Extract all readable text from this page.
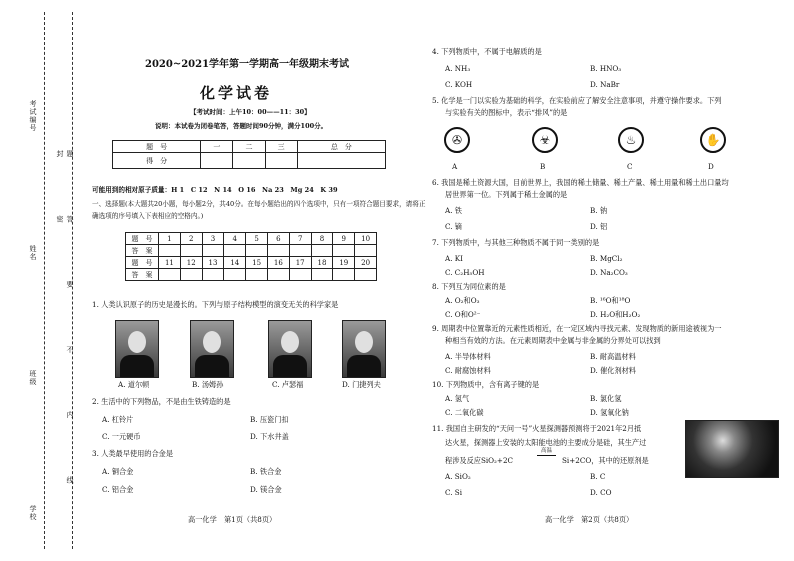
考试编号
姓名
班级
学校
题 答 要 不 内 线 封 密
2020~2021学年第一学期高一年级期末考试
化学试卷
【考试时间：上午10：00——11：30】
说明：本试卷为闭卷笔答，答题时间90分钟，满分100分。
题　号	一	二	三	总　分
得　分				
可能用到的相对原子质量：H 1　C 12　N 14　O 16　Na 23　Mg 24　K 39
一、选择题(本大题共20小题，每小题2分，共40分。在每小题给出的四个选项中，只有一项符合题目要求，请将正
确选项的序号填入下表相应的空格内。)
题　号	1	2	3	4	5	6	7	8	9	10
答　案										
题　号	11	12	13	14	15	16	17	18	19	20
答　案										
1. 人类认识原子的历史是漫长的。下列与原子结构模型的演变无关的科学家是
A. 道尔顿	B. 汤姆孙	C. 卢瑟福	D. 门捷列夫
2. 生活中的下列物品，不是由生铁铸造的是
A. 杠铃片	B. 压瓷门扣
C. 一元硬币	D. 下水井盖
3. 人类最早使用的合金是
A. 铜合金	B. 铁合金
C. 铝合金	D. 镁合金
高一化学　第1页（共8页）
4. 下列物质中，不属于电解质的是
A. NH₃	B. HNO₃
C. KOH	D. NaBr
5. 化学是一门以实验为基础的科学，在实验前应了解安全注意事项，并遵守操作要求。下列
与实验有关的图标中，表示“排风”的是
✇	☣	♨	✋
A	B	C	D
6. 我国是稀土资源大国，目前世界上，我国的稀土储量、稀土产量、稀土用量和稀土出口量均
居世界第一位。下列属于稀土金属的是
A. 铁	B. 钠
C. 镝	D. 铝
7. 下列物质中，与其他三种物质不属于同一类别的是
A. KI	B. MgCl₂
C. C₂H₅OH	D. Na₂CO₃
8. 下列互为同位素的是
A. O₂和O₃	B. ¹⁶O和¹⁸O
C. O和O²⁻	D. H₂O和H₂O₂
9. 周期表中位置靠近的元素性质相近，在一定区域内寻找元素、发现物质的新用途被视为一
种相当有效的方法。在元素周期表中金属与非金属的分界处可以找到
A. 半导体材料	B. 耐高温材料
C. 耐腐蚀材料	D. 催化剂材料
10. 下列物质中，含有离子键的是
A. 氢气	B. 氯化氢
C. 二氧化碳	D. 氢氧化钠
11. 我国自主研发的“天问一号”火星探测器预测将于2021年2月抵
达火星，探测器上安装的太阳能电池的主要成分是硅，其生产过
程涉及反应SiO₂+2C
高温
Si+2CO，其中的还原剂是
A. SiO₂	B. C
C. Si	D. CO
高一化学　第2页（共8页）
